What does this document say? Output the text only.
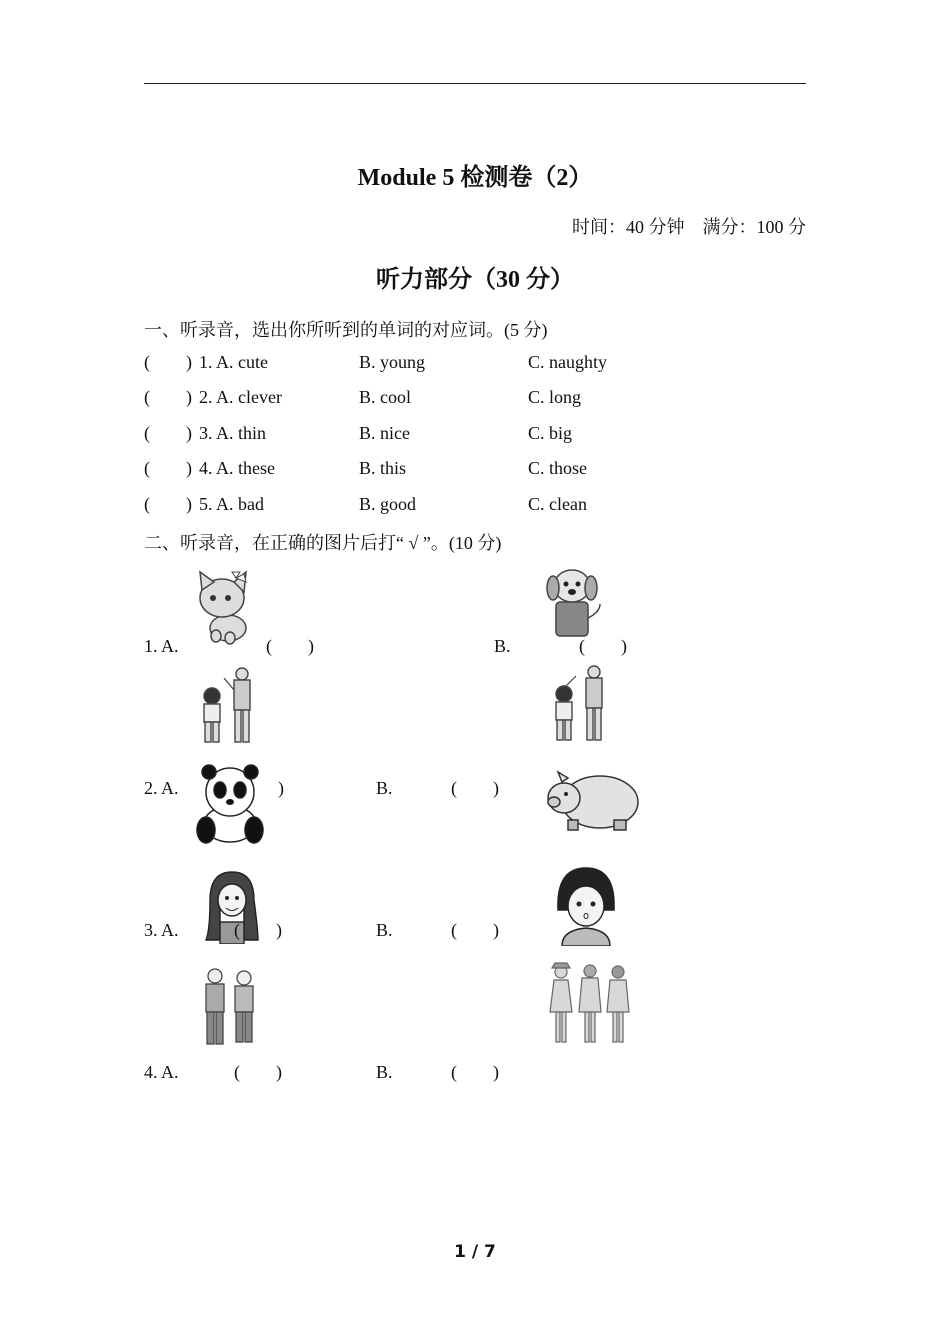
Module 5 检测卷（2）
时间：40 分钟    满分：100 分
听力部分（30 分）
一、听录音，选出你所听到的单词的对应词。(5 分)
(        ) 1. A. cute	B. young	C. naughty
(        ) 2. A. clever	B. cool	C. long
(        ) 3. A. thin	B. nice	C. big
(        ) 4. A. these	B. this	C. those
(        ) 5. A. bad	B. good	C. clean
二、听录音，在正确的图片后打“ √ ”。(10 分)
1. A.	(        )	B.	(        )
2. A.	)	B.	(        )
3. A.	(        )	B.	(        )
4. A.	(        )	B.	(        )
1 / 7
